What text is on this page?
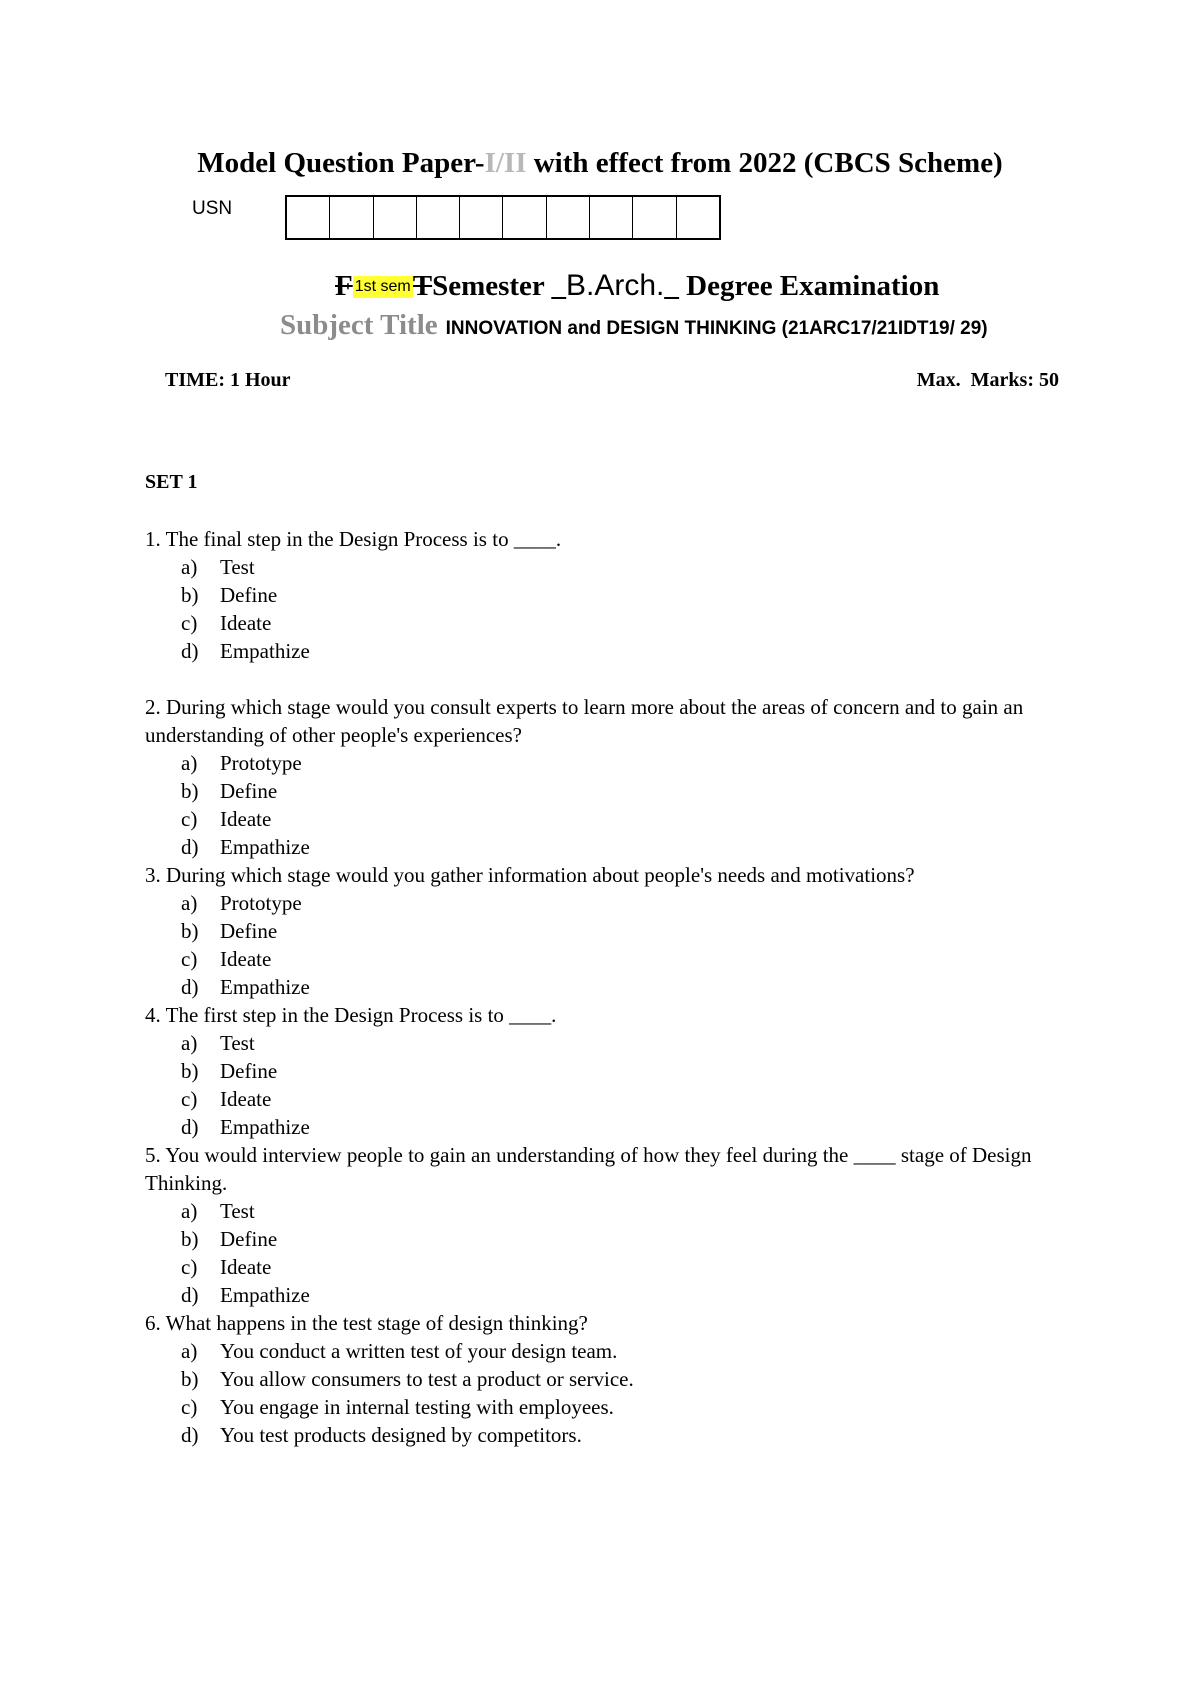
Model Question Paper-I/II with effect from 2022 (CBCS Scheme)
USN
F 1st sem T Semester _ B.Arch. _ Degree Examination
Subject Title INNOVATION and DESIGN THINKING (21ARC17/21IDT19/ 29)
TIME: 1 Hour	Max.  Marks: 50
SET 1
1. The final step in the Design Process is to ____.
a)	Test
b)	Define
c)	Ideate
d)	Empathize
2. During which stage would you consult experts to learn more about the areas of concern and to gain an understanding of other people's experiences?
a)	Prototype
b)	Define
c)	Ideate
d)	Empathize
3. During which stage would you gather information about people's needs and motivations?
a)	Prototype
b)	Define
c)	Ideate
d)	Empathize
4. The first step in the Design Process is to ____.
a)	Test
b)	Define
c)	Ideate
d)	Empathize
5. You would interview people to gain an understanding of how they feel during the ____ stage of Design Thinking.
a)	Test
b)	Define
c)	Ideate
d)	Empathize
6. What happens in the test stage of design thinking?
a)	You conduct a written test of your design team.
b)	You allow consumers to test a product or service.
c)	You engage in internal testing with employees.
d)	You test products designed by competitors.
